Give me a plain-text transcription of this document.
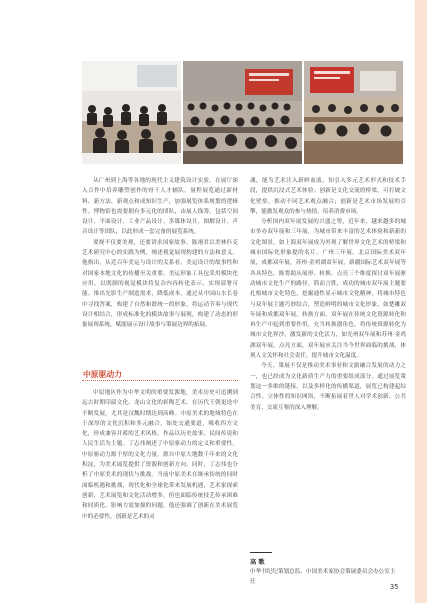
从广州到上海等各地的现代主义建筑设计实验。在展厅深入合作中培养雕塑创作的骨干人才辅队，量程展览通过新材料、新方法、新观点和成知识生产，加强展览体系规划的逻辑性。博物馆也需要拥有多元化的团队，由展人线筹，包括空间设计、平面设计、工业产品设计、多媒体设计、图解设计、声音设计等团队，以此形成一套完备的展览系统。

要规不仅要美观，还要讲求国家故事。陈翊君以美林匹克艺术研究中心的实践为例，阐述视觉展现构建的方法和意义。他指出，从近百年美运与设计的关系看，美运设计的故事性和对国家本地文化的传播至关重要。美运形象工具包采用模块化应用，以既制的视觉模块将复杂内容转化表示，实现部署可能。推出光影生产制造需求，降低成本。通过从中国山水长卷中寻找答案，构建了自然和谐统一的形象，将运动节奏与现代设计相结合，形成标准化的模块故事与展现，构建了动态的形象展现系统，赋能展示设计故事与策展边界的拓展。

中原驱动力

中原地区作为中华文明的重要发源地，美术历史可追溯到远古时期印韶文化、龙山文化的彩陶艺术。在历代王朝更迭中不断发展，尤其是汉魏时期达到高峰。中原美术的地域特色在于深厚的文化沉积和多元融合，始处交通要道，吸收四方文化，形成兼容并蓄的艺术风格。作品以历史故事、民间传说和人民生活为主题。丁志伟阐述了中原驱动力的定义和重要性。中原驱动力源于厚的文化力量。源自中原大地数千年来的文化积淀，为美术展览提供了资源和创新方向。同时，丁志伟也分析了中原美术的现状与挑战。当前中原美术在继承传统的同时面临机遇和挑战，现代化和全球化带来发展机遇，艺术家探索创新，艺术展览和文化活动增多，但也面临传统技艺传承困难和同质化、影响力需加强的问题。他还强调了创新在美术展览中的必要性，创新是艺术的灵

魂，能为艺术注入新鲜血液，知引入多元艺术形式和技术手段，提供沉浸式艺术体验；创新是文化交流的桥梁，可打破文化壁垒，推动不同艺术观点融合；创新是艺术市场发展的引擎，能激发观众的参与热情，培养消费市场。

分析国内双年展发展的兴盛之势，近年来，越来越多的城市举办双年展和三年展，为城市带来丰富的艺术体验和新新的文化图景，如上海双年展成为外现了解世界文化艺术的桥梁和城市国际化形象提的名片，广州三年展，北京国际美术双年展，成都双年展，苏州·金鸡湖双年展，新疆国际艺术双年展等各具特色。陈鲁助从展形、转换、点亮三个维度探讨双年展驱动城市文化生产的路径，简而言胜，成功的城市双年展主题要扎根城市文化特色，挖掘通性显示城市文化精神，将城市特色与双年展主题巧妙结合，塑造鲜明的城市文化形象，如楚雕双年展和成都双年展。转换方面，双年展在传统文化资源转化和再生产中起到重要作用，充当转换器角色，将传统资源转化为城市文化界沙，激发新的文化活力，如光州双年展和苏州·金鸡湖双年展。点亮方面，双年展应关注当今世界面临的挑战，体现人文关怀和社会责任，提升城市文化温度。

今天，策展不仅是推动美术事业和文旅融合发展的动力之一，也已经成为文化新质生产力的重要组成部分。通过展览策划这一多维的链接，以及多样化的传播渠道，展览已构建起综合性、立体性的知识网络，不断拓展着世人对学术创新、公共美育、交流互鉴的深入理解。

高 歌
中华书纪纪策划总监、中国美术家协会策展委员会办公室主任
35
